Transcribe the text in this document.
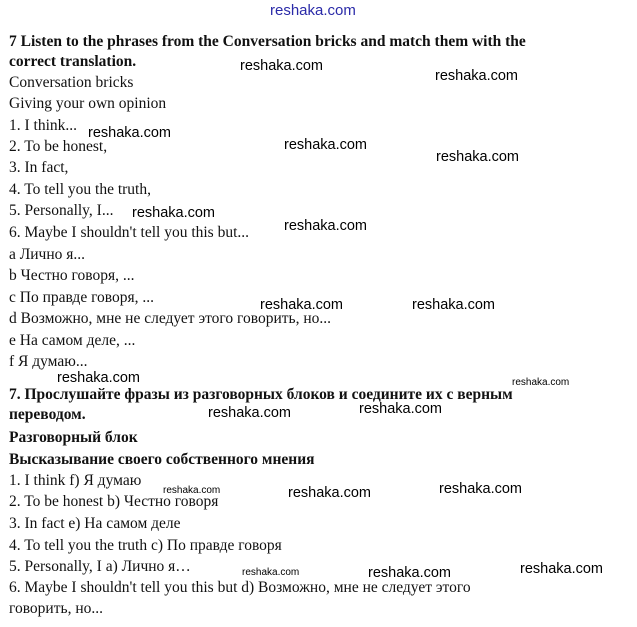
reshaka.com
7 Listen to the phrases from the Conversation bricks and match them with the
correct translation.
Conversation bricks
Giving your own opinion
1. I think...
2. To be honest,
3. In fact,
4. To tell you the truth,
5. Personally, I...
6. Maybe I shouldn't tell you this but...
a Лично я...
b Честно говоря, ...
c По правде говоря, ...
d Возможно, мне не следует этого говорить, но...
e На самом деле, ...
f Я думаю...
7. Прослушайте фразы из разговорных блоков и соедините их с верным
переводом.
Разговорный блок
Высказывание своего собственного мнения
1. I think f) Я думаю
2. To be honest b) Честно говоря
3. In fact e) На самом деле
4. To tell you the truth c) По правде говоря
5. Personally, I a) Лично я…
6. Maybe I shouldn't tell you this but d) Возможно, мне не следует этого
говорить, но...
reshaka.com
reshaka.com
reshaka.com
reshaka.com
reshaka.com
reshaka.com
reshaka.com
reshaka.com	reshaka.com
reshaka.com	reshaka.com
reshaka.com	reshaka.com
reshaka.com	reshaka.com	reshaka.com
reshaka.com	reshaka.com	reshaka.com
